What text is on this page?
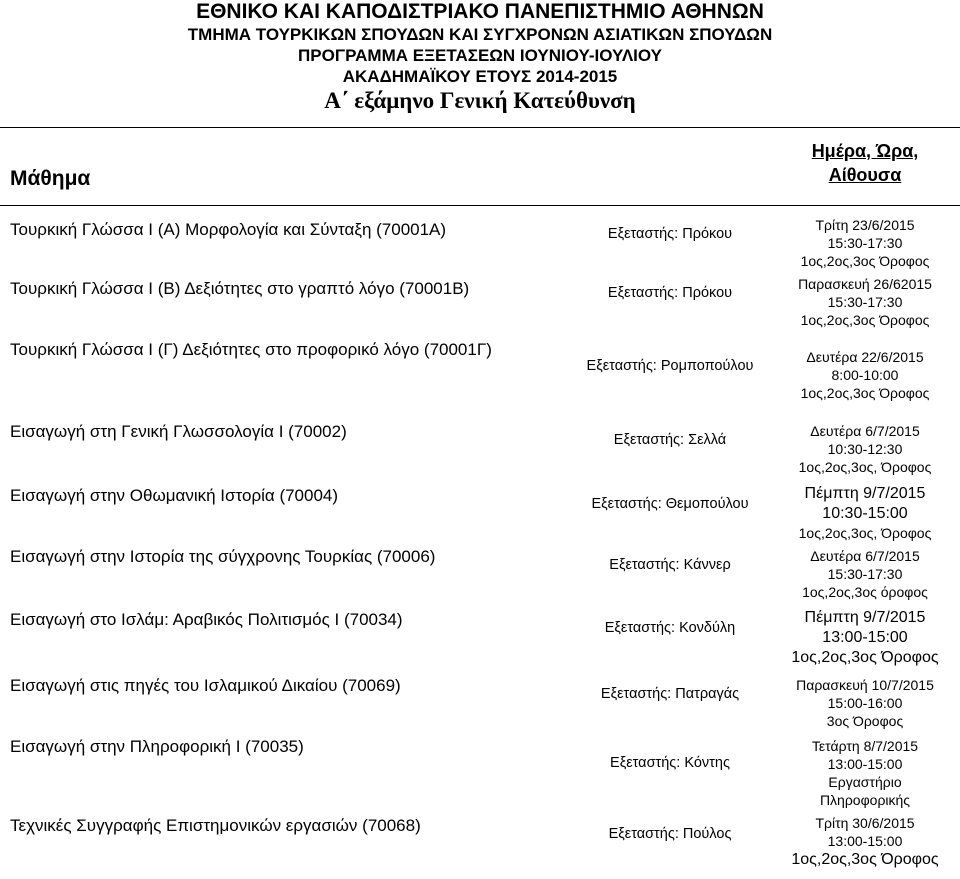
ΕΘΝΙΚΟ ΚΑΙ ΚΑΠΟΔΙΣΤΡΙΑΚΟ ΠΑΝΕΠΙΣΤΗΜΙΟ ΑΘΗΝΩΝ
ΤΜΗΜΑ ΤΟΥΡΚΙΚΩΝ ΣΠΟΥΔΩΝ ΚΑΙ ΣΥΓΧΡΟΝΩΝ ΑΣΙΑΤΙΚΩΝ ΣΠΟΥΔΩΝ
ΠΡΟΓΡΑΜΜΑ ΕΞΕΤΑΣΕΩΝ ΙΟΥΝΙΟΥ-ΙΟΥΛΙΟΥ
ΑΚΑΔΗΜΑΪΚΟΥ ΕΤΟΥΣ 2014-2015
Α΄ εξάμηνο Γενική Κατεύθυνση
Μάθημα
Ημέρα, Ώρα,
Αίθουσα
Τουρκική Γλώσσα Ι (Α) Μορφολογία και Σύνταξη (70001Α)	Εξεταστής: Πρόκου
Τρίτη 23/6/2015
15:30-17:30
1ος,2ος,3ος Όροφος
Τουρκική Γλώσσα Ι (Β) Δεξιότητες στο γραπτό λόγο (70001Β)	Εξεταστής: Πρόκου
Παρασκευή 26/62015
15:30-17:30
1ος,2ος,3ος Όροφος
Τουρκική Γλώσσα Ι (Γ) Δεξιότητες στο προφορικό λόγο (70001Γ)
Εξεταστής: Ρομποπούλου
Δευτέρα 22/6/2015
8:00-10:00
1ος,2ος,3ος Όροφος
Εισαγωγή στη Γενική Γλωσσολογία Ι (70002)	Εξεταστής: Σελλά
Δευτέρα 6/7/2015
10:30-12:30
1ος,2ος,3ος, Όροφος
Εισαγωγή στην Οθωμανική Ιστορία (70004)	Εξεταστής: Θεμοπούλου
Πέμπτη 9/7/2015
10:30-15:00
1ος,2ος,3ος, Όροφος
Εισαγωγή στην Ιστορία της σύγχρονης Τουρκίας (70006)	Εξεταστής: Κάννερ
Δευτέρα 6/7/2015
15:30-17:30
1ος,2ος,3ος όροφος
Εισαγωγή στο Ισλάμ: Αραβικός Πολιτισμός Ι (70034)	Εξεταστής: Κονδύλη
Πέμπτη 9/7/2015
13:00-15:00
1ος,2ος,3ος Όροφος
Εισαγωγή στις πηγές του Ισλαμικού Δικαίου (70069)	Εξεταστής: Πατραγάς
Παρασκευή 10/7/2015
15:00-16:00
3ος Όροφος
Εισαγωγή στην Πληροφορική Ι (70035)
Εξεταστής: Κόντης
Τετάρτη 8/7/2015
13:00-15:00
Εργαστήριο
Πληροφορικής
Τεχνικές Συγγραφής Επιστημονικών εργασιών (70068)	Εξεταστής: Πούλος
Τρίτη 30/6/2015
13:00-15:00
1ος,2ος,3ος Όροφος
